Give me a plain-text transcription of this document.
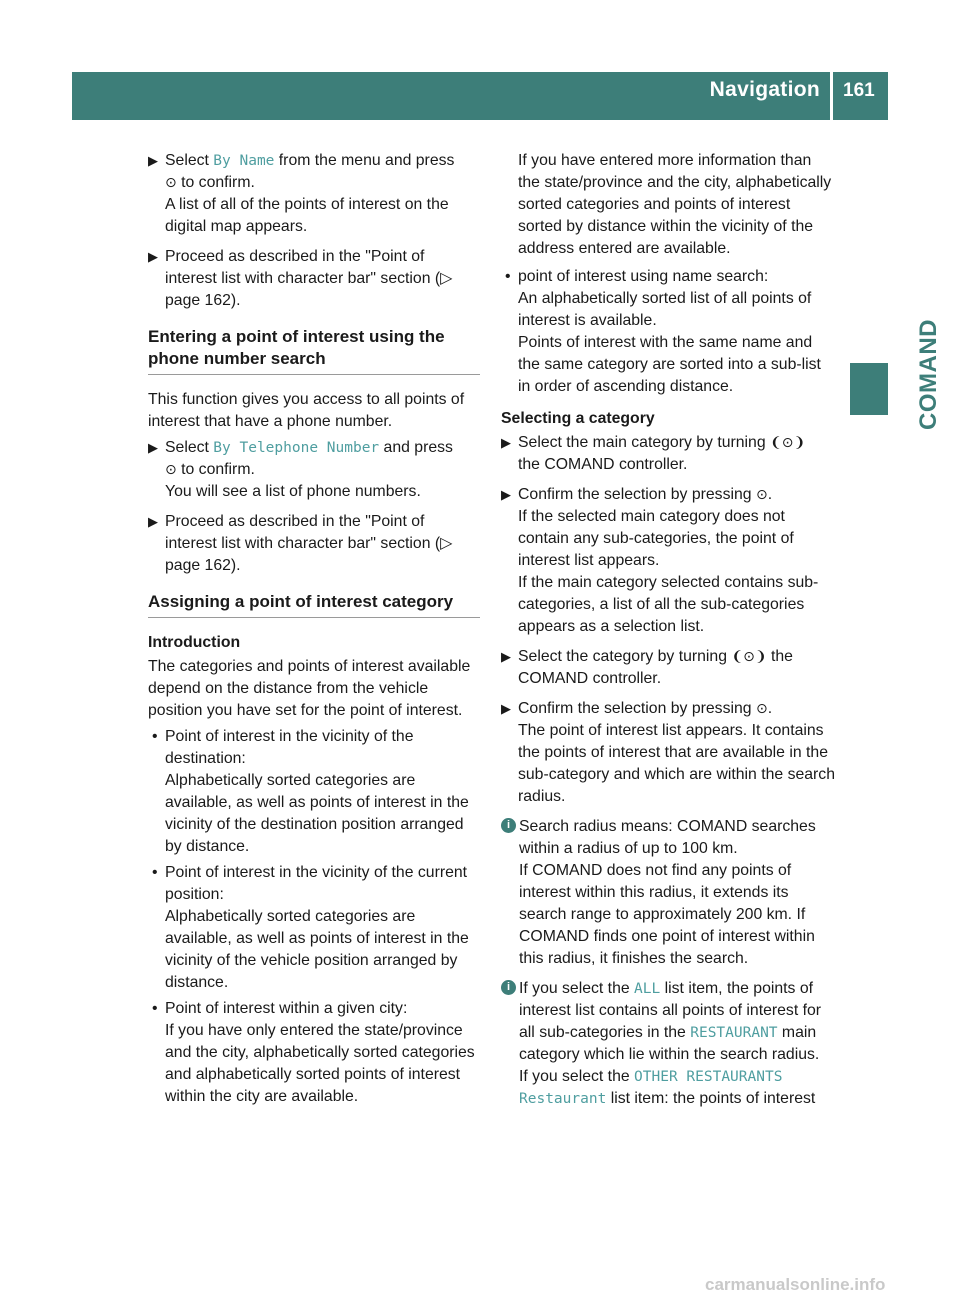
Navigation 161
COMAND
▶ Select By Name from the menu and press
⊙ to confirm.
A list of all of the points of interest on the digital map appears.
▶ Proceed as described in the "Point of interest list with character bar" section (▷ page 162).
Entering a point of interest using the phone number search

This function gives you access to all points of interest that have a phone number.

▶ Select By Telephone Number and press
⊙ to confirm.
You will see a list of phone numbers.
▶ Proceed as described in the "Point of interest list with character bar" section (▷ page 162).
Assigning a point of interest category
Introduction

The categories and points of interest available depend on the distance from the vehicle position you have set for the point of interest.

• Point of interest in the vicinity of the destination:
Alphabetically sorted categories are available, as well as points of interest in the vicinity of the destination position arranged by distance.
• Point of interest in the vicinity of the current position:
Alphabetically sorted categories are available, as well as points of interest in the vicinity of the vehicle position arranged by distance.
• Point of interest within a given city:
If you have only entered the state/province and the city, alphabetically sorted categories and alphabetically sorted points of interest within the city are available.
If you have entered more information than the state/province and the city, alphabetically sorted categories and points of interest sorted by distance within the vicinity of the address entered are available.
• point of interest using name search:
An alphabetically sorted list of all points of interest is available.
Points of interest with the same name and the same category are sorted into a sub-list in order of ascending distance.
Selecting a category
▶ Select the main category by turning ❨⊙❩
the COMAND controller.
▶ Confirm the selection by pressing ⊙.
If the selected main category does not contain any sub-categories, the point of interest list appears.
If the main category selected contains sub-categories, a list of all the sub-categories appears as a selection list.
▶ Select the category by turning ❨⊙❩ the COMAND controller.
▶ Confirm the selection by pressing ⊙.
The point of interest list appears. It contains the points of interest that are available in the sub-category and which are within the search radius.
i Search radius means: COMAND searches within a radius of up to 100 km.
If COMAND does not find any points of interest within this radius, it extends its search range to approximately 200 km. If COMAND finds one point of interest within this radius, it finishes the search.
i If you select the ALL list item, the points of interest list contains all points of interest for all sub-categories in the RESTAURANT main category which lie within the search radius.
If you select the OTHER RESTAURANTS Restaurant list item: the points of interest
carmanualsonline.info
